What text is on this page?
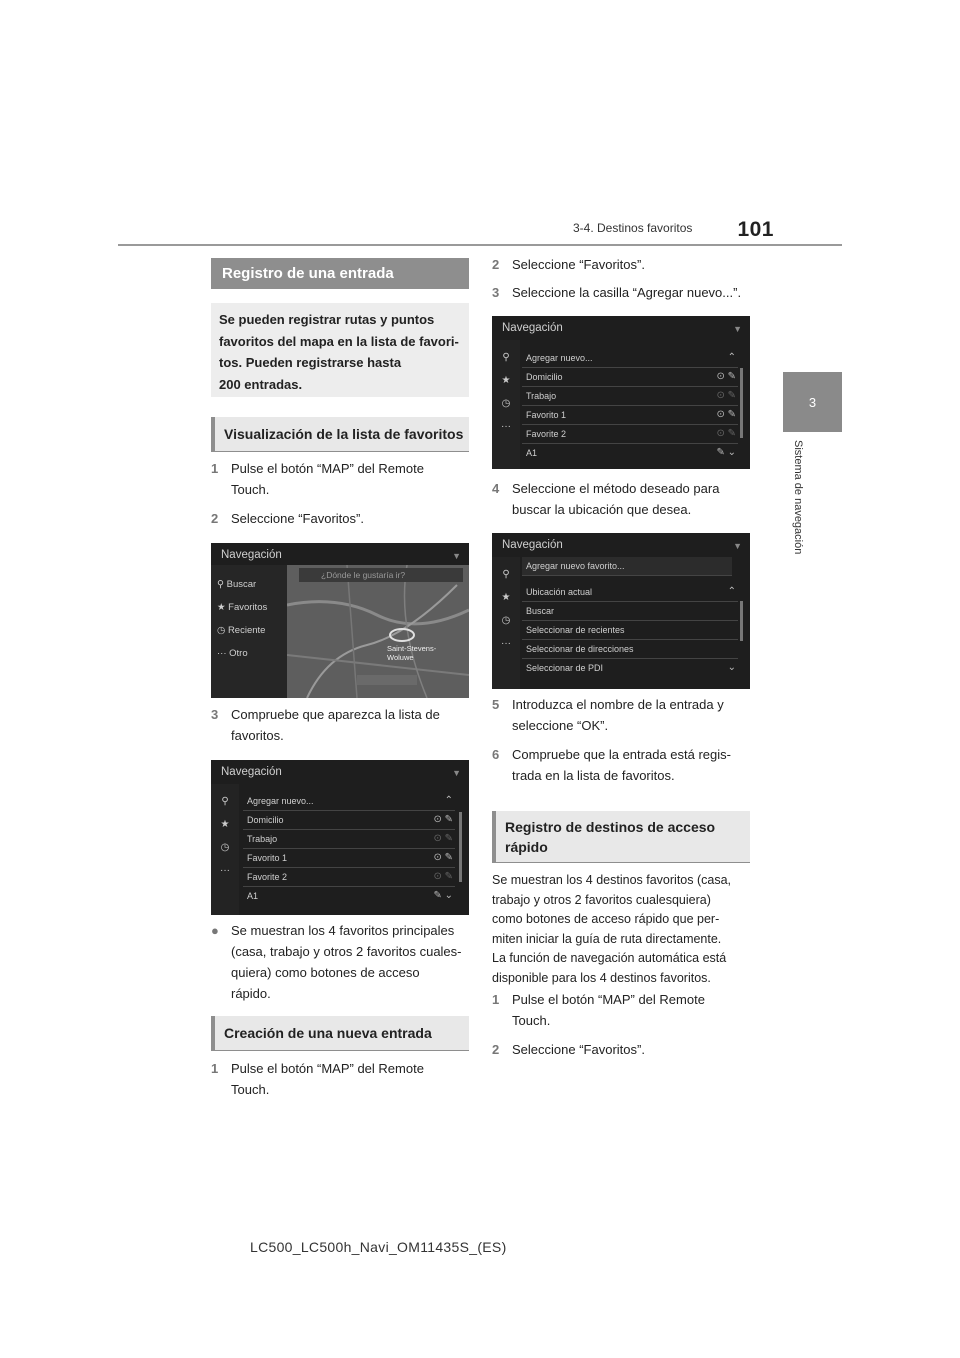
3-4. Destinos favoritos 101
3
Sistema de navegación
Registro de una entrada
Se pueden registrar rutas y puntos
favoritos del mapa en la lista de favori-
tos. Pueden registrarse hasta
200 entradas.
Visualización de la lista de favoritos
1 Pulse el botón “MAP” del Remote
Touch.
2 Seleccione “Favoritos”.
Navegación	▼
⚲ Buscar
★ Favoritos
◷ Reciente
··· Otro
¿Dónde le gustaría ir?
Saint-Stevens-
Woluwe
3 Compruebe que aparezca la lista de
favoritos.
Navegación	▼
⚲
★
◷
···
Agregar nuevo...	⌃
Domicilio	⊙ ✎
Trabajo	⊙ ✎
Favorito 1	⊙ ✎
Favorite 2	⊙ ✎
A1	✎ ⌄
● Se muestran los 4 favoritos principales
(casa, trabajo y otros 2 favoritos cuales-
quiera) como botones de acceso
rápido.
Creación de una nueva entrada
1 Pulse el botón “MAP” del Remote
Touch.
2 Seleccione “Favoritos”.
3 Seleccione la casilla “Agregar nuevo...”.
Navegación	▼
⚲
★
◷
···
Agregar nuevo...	⌃
Domicilio	⊙ ✎
Trabajo	⊙ ✎
Favorito 1	⊙ ✎
Favorite 2	⊙ ✎
A1	✎ ⌄
4 Seleccione el método deseado para
buscar la ubicación que desea.
Navegación	▼
⚲
★
◷
···
Agregar nuevo favorito...
Ubicación actual	⌃
Buscar
Seleccionar de recientes
Seleccionar de direcciones
Seleccionar de PDI	⌄
5 Introduzca el nombre de la entrada y
seleccione “OK”.
6 Compruebe que la entrada está regis-
trada en la lista de favoritos.
Registro de destinos de acceso
rápido
Se muestran los 4 destinos favoritos (casa,
trabajo y otros 2 favoritos cualesquiera)
como botones de acceso rápido que per-
miten iniciar la guía de ruta directamente.
La función de navegación automática está
disponible para los 4 destinos favoritos.
1 Pulse el botón “MAP” del Remote
Touch.
2 Seleccione “Favoritos”.
LC500_LC500h_Navi_OM11435S_(ES)
